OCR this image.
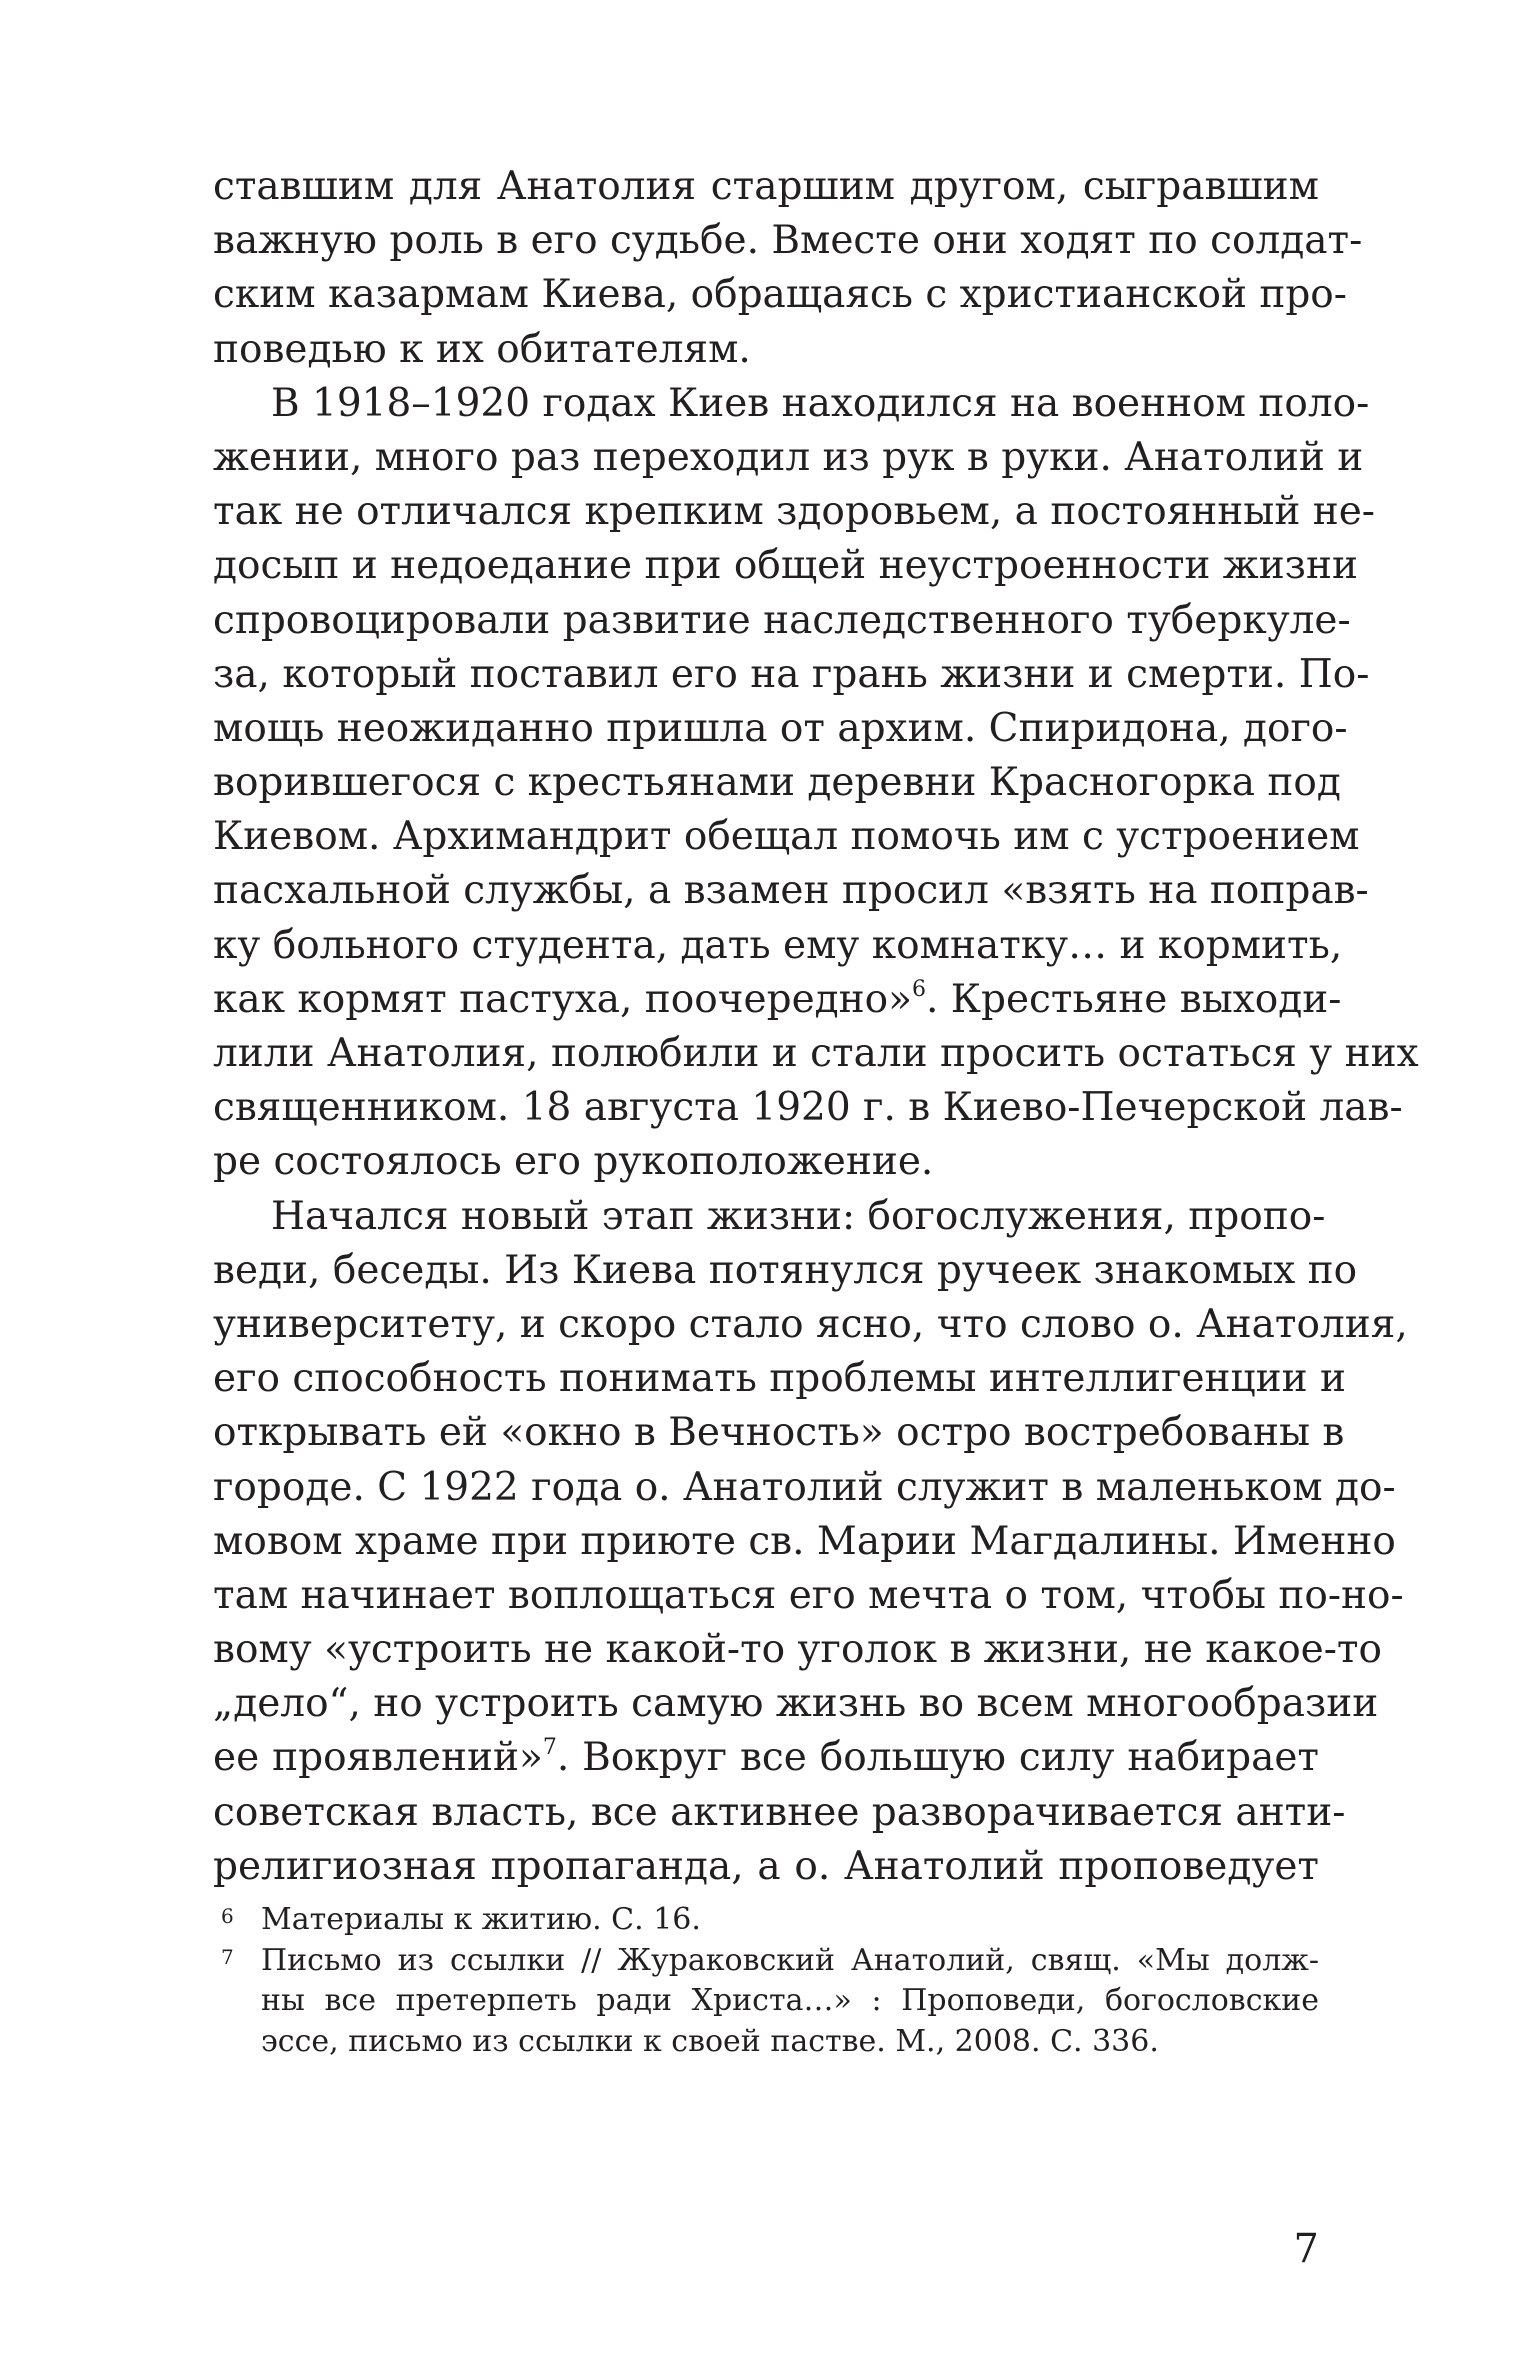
ставшим для Анатолия старшим другом, сыгравшим
важную роль в его судьбе. Вместе они ходят по солдат-
ским казармам Киева, обращаясь с христианской про-
поведью к их обитателям.
В 1918–1920 годах Киев находился на военном поло-
жении, много раз переходил из рук в руки. Анатолий и
так не отличался крепким здоровьем, а постоянный не-
досып и недоедание при общей неустроенности жизни
спровоцировали развитие наследственного туберкуле-
за, который поставил его на грань жизни и смерти. По-
мощь неожиданно пришла от архим. Спиридона, дого-
ворившегося с крестьянами деревни Красногорка под
Киевом. Архимандрит обещал помочь им с устроением
пасхальной службы, а взамен просил «взять на поправ-
ку больного студента, дать ему комнатку… и кормить,
как кормят пастуха, поочередно»$^6$. Крестьяне выходи-
лили Анатолия, полюбили и стали просить остаться у них
священником. 18 августа 1920 г. в Киево-Печерской лав-
ре состоялось его рукоположение.
Начался новый этап жизни: богослужения, пропо-
веди, беседы. Из Киева потянулся ручеек знакомых по
университету, и скоро стало ясно, что слово о. Анатолия,
его способность понимать проблемы интеллигенции и
открывать ей «окно в Вечность» остро востребованы в
городе. С 1922 года о. Анатолий служит в маленьком до-
мовом храме при приюте св. Марии Магдалины. Именно
там начинает воплощаться его мечта о том, чтобы по-но-
вому «устроить не какой-то уголок в жизни, не какое-то
„дело“, но устроить самую жизнь во всем многообразии
ее проявлений»$^7$. Вокруг все большую силу набирает
советская власть, все активнее разворачивается анти-
религиозная пропаганда, а о. Анатолий проповедует
6 Материалы к житию. С. 16.
7 Письмо из ссылки // Жураковский Анатолий, свящ. «Мы долж-
ны все претерпеть ради Христа…» : Проповеди, богословские
эссе, письмо из ссылки к своей пастве. М., 2008. С. 336.
7
